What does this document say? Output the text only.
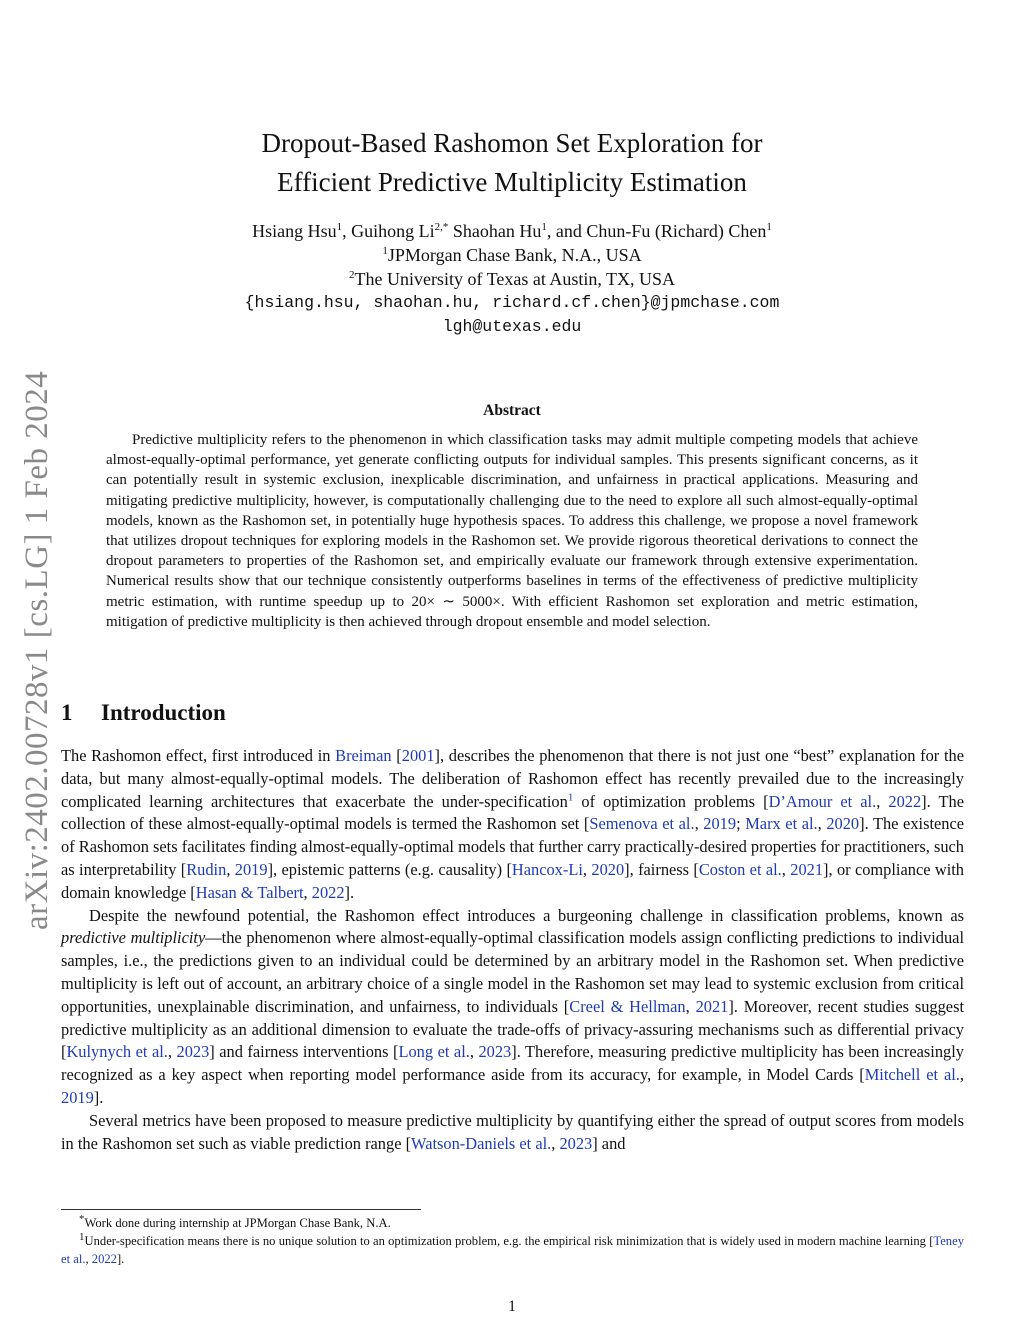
arXiv:2402.00728v1 [cs.LG] 1 Feb 2024
Dropout-Based Rashomon Set Exploration for
Efficient Predictive Multiplicity Estimation
Hsiang Hsu$^1$, Guihong $Li^{2,*}$ Shaohan Hu$^1$, and Chun-Fu (Richard) Chen$^1$
$^1$JPMorgan Chase Bank, N.A., USA
$^2$The University of Texas at Austin, TX, USA
{hsiang.hsu, shaohan.hu, richard.cf.chen}@jpmchase.com
lgh@utexas.edu
Abstract

Predictive multiplicity refers to the phenomenon in which classification tasks may admit multiple competing models that achieve almost-equally-optimal performance, yet generate conflicting outputs for individual samples. This presents significant concerns, as it can potentially result in systemic exclusion, inexplicable discrimination, and unfairness in practical applications. Measuring and mitigating predictive multiplicity, however, is computationally challenging due to the need to explore all such almost-equally-optimal models, known as the Rashomon set, in potentially huge hypothesis spaces. To address this challenge, we propose a novel framework that utilizes dropout techniques for exploring models in the Rashomon set. We provide rigorous theoretical derivations to connect the dropout parameters to properties of the Rashomon set, and empirically evaluate our framework through extensive experimentation. Numerical results show that our technique consistently outperforms baselines in terms of the effectiveness of predictive multiplicity metric estimation, with runtime speedup up to 20× ∼ 5000×. With efficient Rashomon set exploration and metric estimation, mitigation of predictive multiplicity is then achieved through dropout ensemble and model selection.

1 Introduction

The Rashomon effect, first introduced in Breiman [2001], describes the phenomenon that there is not just one “best” explanation for the data, but many almost-equally-optimal models. The deliberation of Rashomon effect has recently prevailed due to the increasingly complicated learning architectures that exacerbate the under-specification$^1$ of optimization problems [D’Amour et al., 2022]. The collection of these almost-equally-optimal models is termed the Rashomon set [Semenova et al., 2019; Marx et al., 2020]. The existence of Rashomon sets facilitates finding almost-equally-optimal models that further carry practically-desired properties for practitioners, such as interpretability [Rudin, 2019], epistemic patterns (e.g. causality) [Hancox-Li, 2020], fairness [Coston et al., 2021], or compliance with domain knowledge [Hasan & Talbert, 2022].

Despite the newfound potential, the Rashomon effect introduces a burgeoning challenge in classification problems, known as predictive multiplicity—the phenomenon where almost-equally-optimal classification models assign conflicting predictions to individual samples, i.e., the predictions given to an individual could be determined by an arbitrary model in the Rashomon set. When predictive multiplicity is left out of account, an arbitrary choice of a single model in the Rashomon set may lead to systemic exclusion from critical opportunities, unexplainable discrimination, and unfairness, to individuals [Creel & Hellman, 2021]. Moreover, recent studies suggest predictive multiplicity as an additional dimension to evaluate the trade-offs of privacy-assuring mechanisms such as differential privacy [Kulynych et al., 2023] and fairness interventions [Long et al., 2023]. Therefore, measuring predictive multiplicity has been increasingly recognized as a key aspect when reporting model performance aside from its accuracy, for example, in Model Cards [Mitchell et al., 2019].

Several metrics have been proposed to measure predictive multiplicity by quantifying either the spread of output scores from models in the Rashomon set such as viable prediction range [Watson-Daniels et al., 2023] and

*Work done during internship at JPMorgan Chase Bank, N.A.

$^1$Under-specification means there is no unique solution to an optimization problem, e.g. the empirical risk minimization that is widely used in modern machine learning [Teney et al., 2022].

1
